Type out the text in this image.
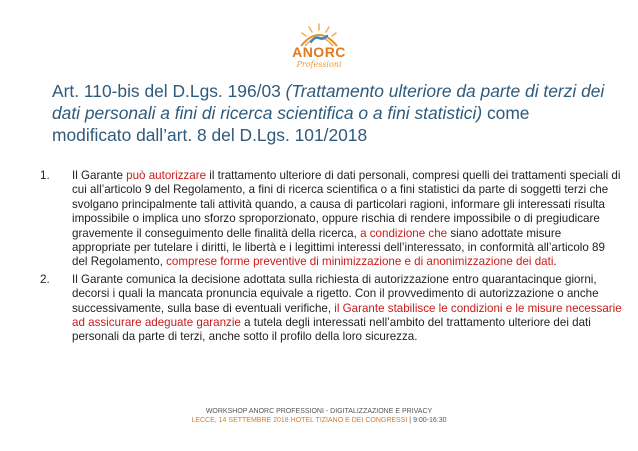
ANORC
Professioni
Art. 110-bis del D.Lgs. 196/03 (Trattamento ulteriore da parte di terzi dei dati personali a fini di ricerca scientifica o a fini statistici) come modificato dall’art. 8 del D.Lgs. 101/2018
1. Il Garante può autorizzare il trattamento ulteriore di dati personali, compresi quelli dei trattamenti speciali di cui all’articolo 9 del Regolamento, a fini di ricerca scientifica o a fini statistici da parte di soggetti terzi che svolgano principalmente tali attività quando, a causa di particolari ragioni, informare gli interessati risulta impossibile o implica uno sforzo sproporzionato, oppure rischia di rendere impossibile o di pregiudicare gravemente il conseguimento delle finalità della ricerca, a condizione che siano adottate misure appropriate per tutelare i diritti, le libertà e i legittimi interessi dell’interessato, in conformità all’articolo 89 del Regolamento, comprese forme preventive di minimizzazione e di anonimizzazione dei dati.
2. Il Garante comunica la decisione adottata sulla richiesta di autorizzazione entro quarantacinque giorni, decorsi i quali la mancata pronuncia equivale a rigetto. Con il provvedimento di autorizzazione o anche successivamente, sulla base di eventuali verifiche, il Garante stabilisce le condizioni e le misure necessarie ad assicurare adeguate garanzie a tutela degli interessati nell’ambito del trattamento ulteriore dei dati personali da parte di terzi, anche sotto il profilo della loro sicurezza.
WORKSHOP ANORC PROFESSIONI - DIGITALIZZAZIONE E PRIVACY
LECCE, 14 SETTEMBRE 2018 HOTEL TIZIANO E DEI CONGRESSI | 9:00-16:30
